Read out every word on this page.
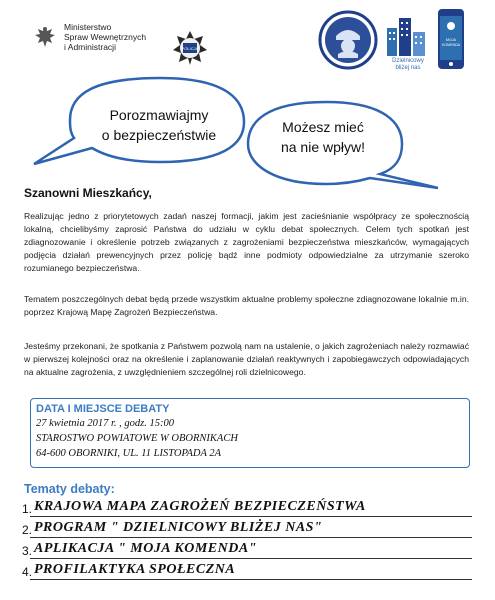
Ministerstwo
Spraw Wewnętrznych
i Administracji	POLICJA
Dzielnicowy
bliżej nas
MOJA
KOMENDA
Porozmawiajmy
o bezpieczeństwie	Możesz mieć
na nie wpływ!
Szanowni Mieszkańcy,
Realizując jedno z priorytetowych zadań naszej formacji, jakim jest zacieśnianie współpracy ze społecznością lokalną, chcielibyśmy zaprosić Państwa do udziału w cyklu debat społecznych. Celem tych spotkań jest zdiagnozowanie i określenie potrzeb związanych z zagrożeniami bezpieczeństwa mieszkańców, wymagających podjęcia działań prewencyjnych przez policję bądź inne podmioty odpowiedzialne za utrzymanie szeroko rozumianego bezpieczeństwa.
Tematem poszczególnych debat będą przede wszystkim aktualne problemy społeczne zdiagnozowane lokalnie m.in. poprzez Krajową Mapę Zagrożeń Bezpieczeństwa.
Jesteśmy przekonani, że spotkania z Państwem pozwolą nam na ustalenie, o jakich zagrożeniach należy rozmawiać w pierwszej kolejności oraz na określenie i zaplanowanie działań reaktywnych i zapobiegawczych odpowiadających na aktualne zagrożenia, z uwzględnieniem szczególnej roli dzielnicowego.
DATA I MIEJSCE DEBATY
27 kwietnia 2017 r. , godz. 15:00
STAROSTWO POWIATOWE W OBORNIKACH
64-600 OBORNIKI, UL. 11 LISTOPADA 2A
Tematy debaty:
1. KRAJOWA MAPA ZAGROŻEŃ BEZPIECZEŃSTWA
2. PROGRAM " DZIELNICOWY BLIŻEJ NAS"
3. APLIKACJA " MOJA KOMENDA"
4. PROFILAKTYKA SPOŁECZNA
